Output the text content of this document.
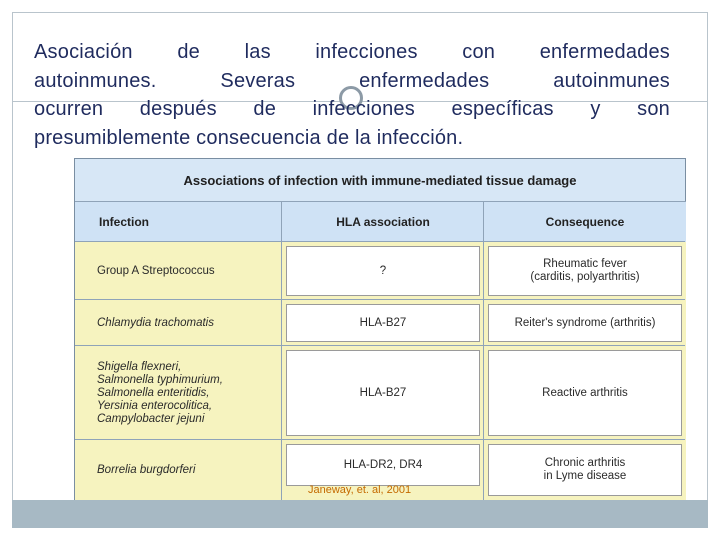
Asociación de las infecciones con enfermedades
autoinmunes. Severas enfermedades autoinmunes
ocurren después de infecciones específicas y son
presumiblemente consecuencia de la infección.
Associations of infection with immune-mediated tissue damage
Infection	HLA association	Consequence
Group A Streptococcus	?
Rheumatic fever
(carditis, polyarthritis)
Chlamydia trachomatis	HLA-B27	Reiter's syndrome (arthritis)
Shigella flexneri,
Salmonella typhimurium,
Salmonella enteritidis,
Yersinia enterocolitica,
Campylobacter jejuni
HLA-B27	Reactive arthritis
Borrelia burgdorferi	HLA-DR2, DR4	Chronic arthritis
in Lyme disease
Janeway, et. al, 2001
